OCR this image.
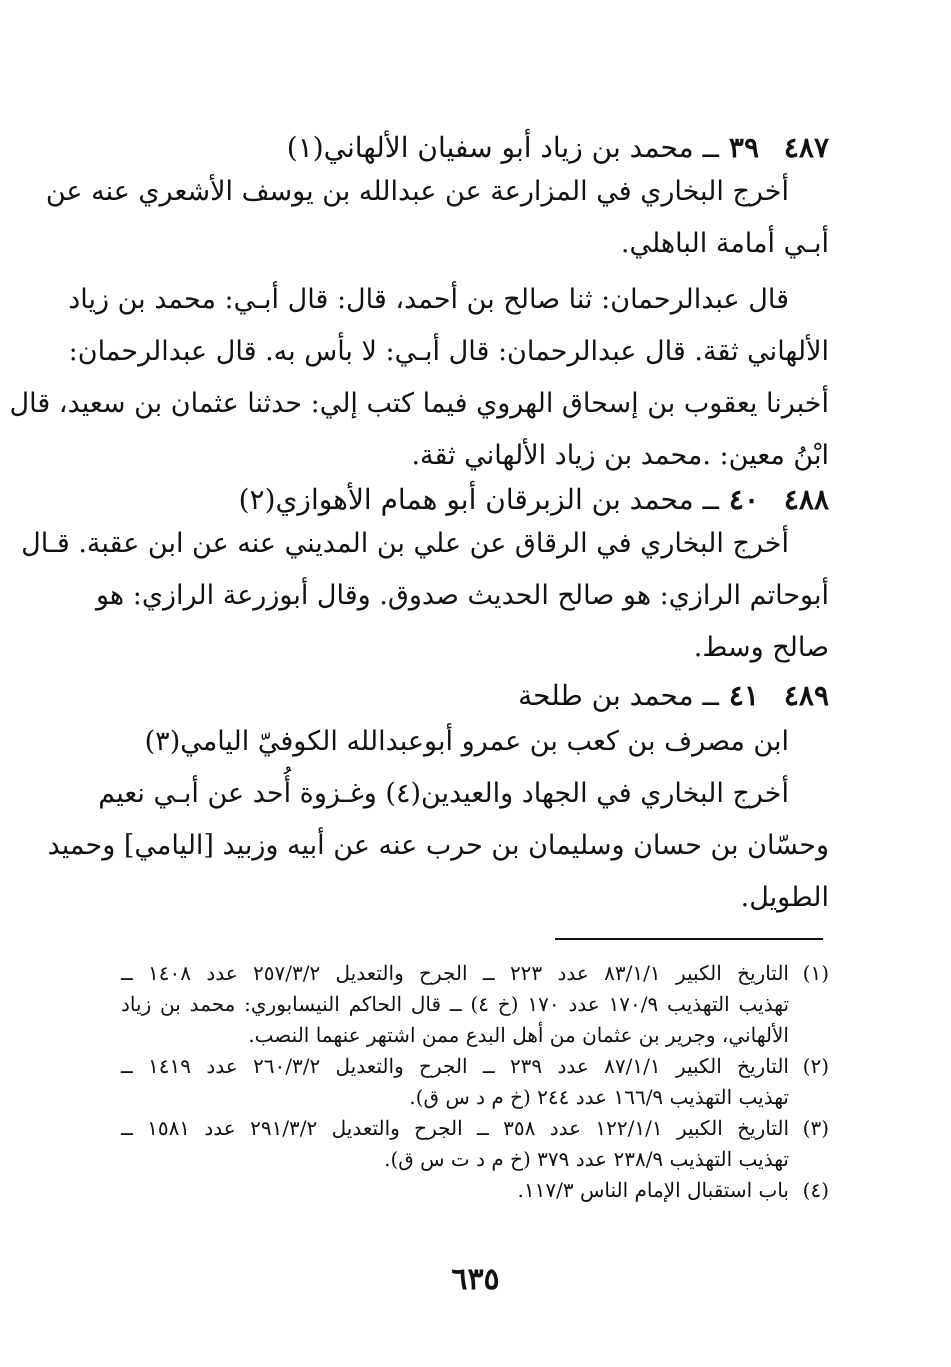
٤٨٧٣٩ــ محمد بن زياد أبو سفيان الألهاني(١)
أخرج البخاري في المزارعة عن عبدالله بن يوسف الأشعري عنه عن
أبـي أمامة الباهلي.
قال عبدالرحمان: ثنا صالح بن أحمد، قال: قال أبـي: محمد بن زياد
الألهاني ثقة. قال عبدالرحمان: قال أبـي: لا بأس به. قال عبدالرحمان:
أخبرنا يعقوب بن إسحاق الهروي فيما كتب إلي: حدثنا عثمان بن سعيد، قال
ابْنُ معين: .محمد بن زياد الألهاني ثقة.
٤٨٨٤٠ــ محمد بن الزبرقان أبو همام الأهوازي(٢)
أخرج البخاري في الرقاق عن علي بن المديني عنه عن ابن عقبة. قـال
أبوحاتم الرازي: هو صالح الحديث صدوق. وقال أبوزرعة الرازي: هو
صالح وسط.
٤٨٩٤١ــ محمد بن طلحة
ابن مصرف بن كعب بن عمرو أبوعبدالله الكوفيّ اليامي(٣)
أخرج البخاري في الجهاد والعيدين(٤) وغـزوة أُحد عن أبـي نعيم
وحسّان بن حسان وسليمان بن حرب عنه عن أبيه وزبيد [اليامي] وحميد
الطويل.
(١)
التاريخ الكبير ٨٣/١/١ عدد ٢٢٣ ــ الجرح والتعديل ٢٥٧/٣/٢ عدد ١٤٠٨ ــ
تهذيب التهذيب ١٧٠/٩ عدد ١٧٠ (خ ٤) ــ قال الحاكم النيسابوري: محمد بن زياد
الألهاني، وجرير بن عثمان من أهل البدع ممن اشتهر عنهما النصب.
(٢)
التاريخ الكبير ٨٧/١/١ عدد ٢٣٩ ــ الجرح والتعديل ٢٦٠/٣/٢ عدد ١٤١٩ ــ
تهذيب التهذيب ١٦٦/٩ عدد ٢٤٤ (خ م د س ق).
(٣)
التاريخ الكبير ١٢٢/١/١ عدد ٣٥٨ ــ الجرح والتعديل ٢٩١/٣/٢ عدد ١٥٨١ ــ
تهذيب التهذيب ٢٣٨/٩ عدد ٣٧٩ (خ م د ت س ق).
(٤)
باب استقبال الإمام الناس ١١٧/٣.
٦٣٥
